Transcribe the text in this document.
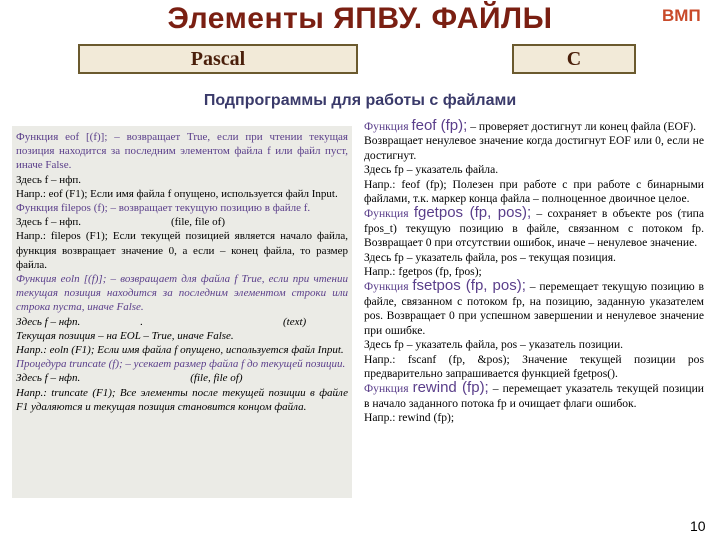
Элементы ЯПВУ. ФАЙЛЫ	ВМП
Pascal	C
Подпрограммы для работы с файлами

Функция eof [(f)]; – возвращает True, если при чтении текущая позиция находится за последним элементом файла f или файл пуст, иначе False.

Здесь f – нфп.

Напр.: eof (F1); Если имя файла f опущено, используется файл Input.

Функция filepos (f); – возвращает текущую позицию в файле f.

Здесь f – нфп.	(file, file of)

Напр.: filepos (F1); Если текущей позицией является начало файла, функция возвращает значение 0, а если – конец файла, то размер файла.

Функция eoln [(f)]; – возвращает для файла f True, если при чтении текущая позиция находится за последним элементом строки или строка пуста, иначе False.

Здесь f – нфп.	.	(text)

Текущая позиция – на EOL – True, иначе False.

Напр.: eoln (F1); Если имя файла f опущено, используется файл Input.

Процедура truncate (f); – усекает размер файла f до текущей позиции.

Здесь f – нфп.	(file, file of)

Напр.: truncate (F1); Все элементы после текущей позиции в файле F1 удаляются и текущая позиция становится концом файла.

Функция feof (fp); – проверяет достигнут ли конец файла (EOF).

Возвращает ненулевое значение когда достигнут EOF или 0, если не достигнут.

Здесь fp – указатель файла.

Напр.: feof (fp); Полезен при работе с при работе с бинарными файлами, т.к. маркер конца файла – полноценное двоичное целое.

Функция fgetpos (fp, pos); – сохраняет в объекте pos (типа fpos_t) текущую позицию в файле, связанном с потоком fp. Возвращает 0 при отсутствии ошибок, иначе – ненулевое значение.

Здесь fp – указатель файла, pos – текущая позиция.

Напр.: fgetpos (fp, fpos);

Функция fsetpos (fp, pos); – перемещает текущую позицию в файле, связанном с потоком fp, на позицию, заданную указателем pos. Возвращает 0 при успешном завершении и ненулевое значение при ошибке.

Здесь fp – указатель файла, pos – указатель позиции.

Напр.: fscanf (fp, &pos); Значение текущей позиции pos предварительно запрашивается функцией fgetpos().

Функция rewind (fp); – перемещает указатель текущей позиции в начало заданного потока fp и очищает флаги ошибок.

Напр.: rewind (fp);

10
